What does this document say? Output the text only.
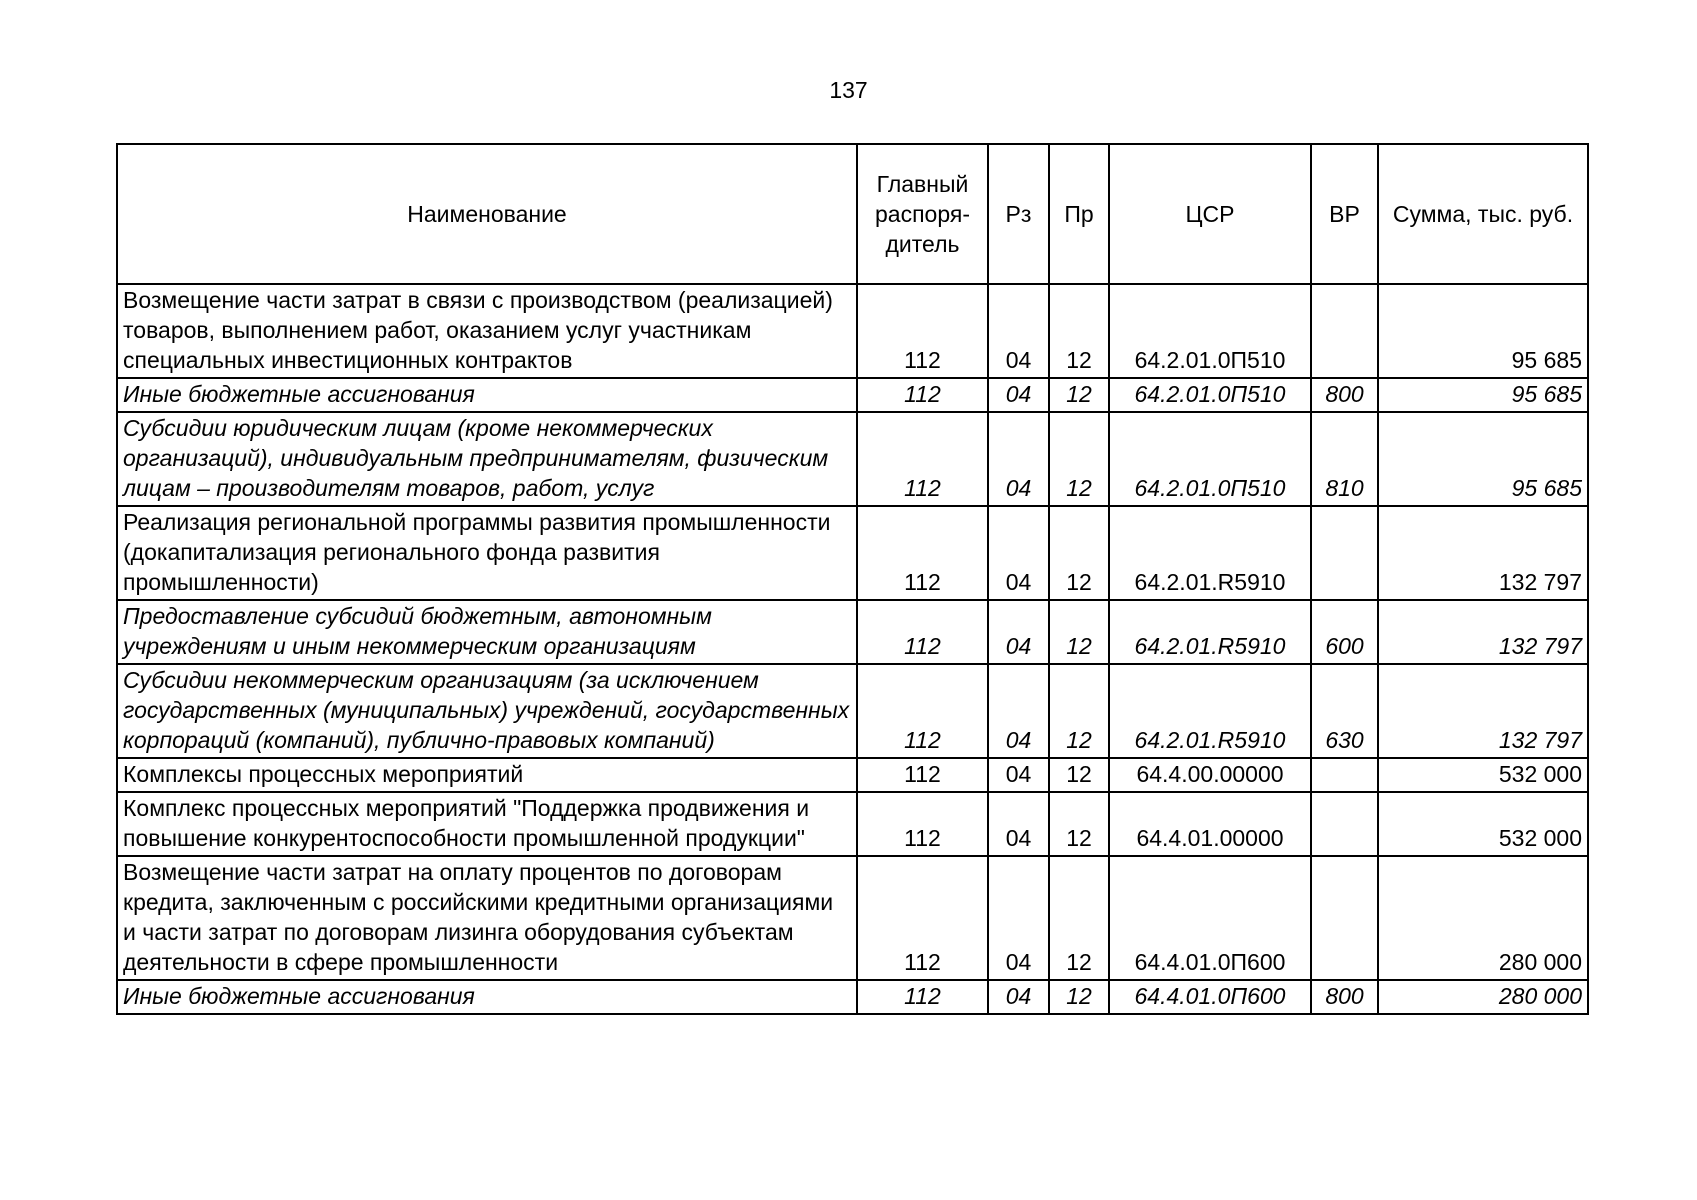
137
Наименование	Главный распоря-дитель	Рз	Пр	ЦСР	ВР	Сумма, тыс. руб.
Возмещение части затрат в связи с производством (реализацией) товаров, выполнением работ, оказанием услуг участникам специальных инвестиционных контрактов	112	04	12	64.2.01.0П510		95 685
Иные бюджетные ассигнования	112	04	12	64.2.01.0П510	800	95 685
Субсидии юридическим лицам (кроме некоммерческих организаций), индивидуальным предпринимателям, физическим лицам – производителям товаров, работ, услуг	112	04	12	64.2.01.0П510	810	95 685
Реализация региональной программы развития промышленности (докапитализация регионального фонда развития промышленности)	112	04	12	64.2.01.R5910		132 797
Предоставление субсидий бюджетным, автономным учреждениям и иным некоммерческим организациям	112	04	12	64.2.01.R5910	600	132 797
Субсидии некоммерческим организациям (за исключением государственных (муниципальных) учреждений, государственных корпораций (компаний), публично-правовых компаний)	112	04	12	64.2.01.R5910	630	132 797
Комплексы процессных мероприятий	112	04	12	64.4.00.00000		532 000
Комплекс процессных мероприятий "Поддержка продвижения и повышение конкурентоспособности промышленной продукции"	112	04	12	64.4.01.00000		532 000
Возмещение части затрат на оплату процентов по договорам кредита, заключенным с российскими кредитными организациями и части затрат по договорам лизинга оборудования субъектам деятельности в сфере промышленности	112	04	12	64.4.01.0П600		280 000
Иные бюджетные ассигнования	112	04	12	64.4.01.0П600	800	280 000
